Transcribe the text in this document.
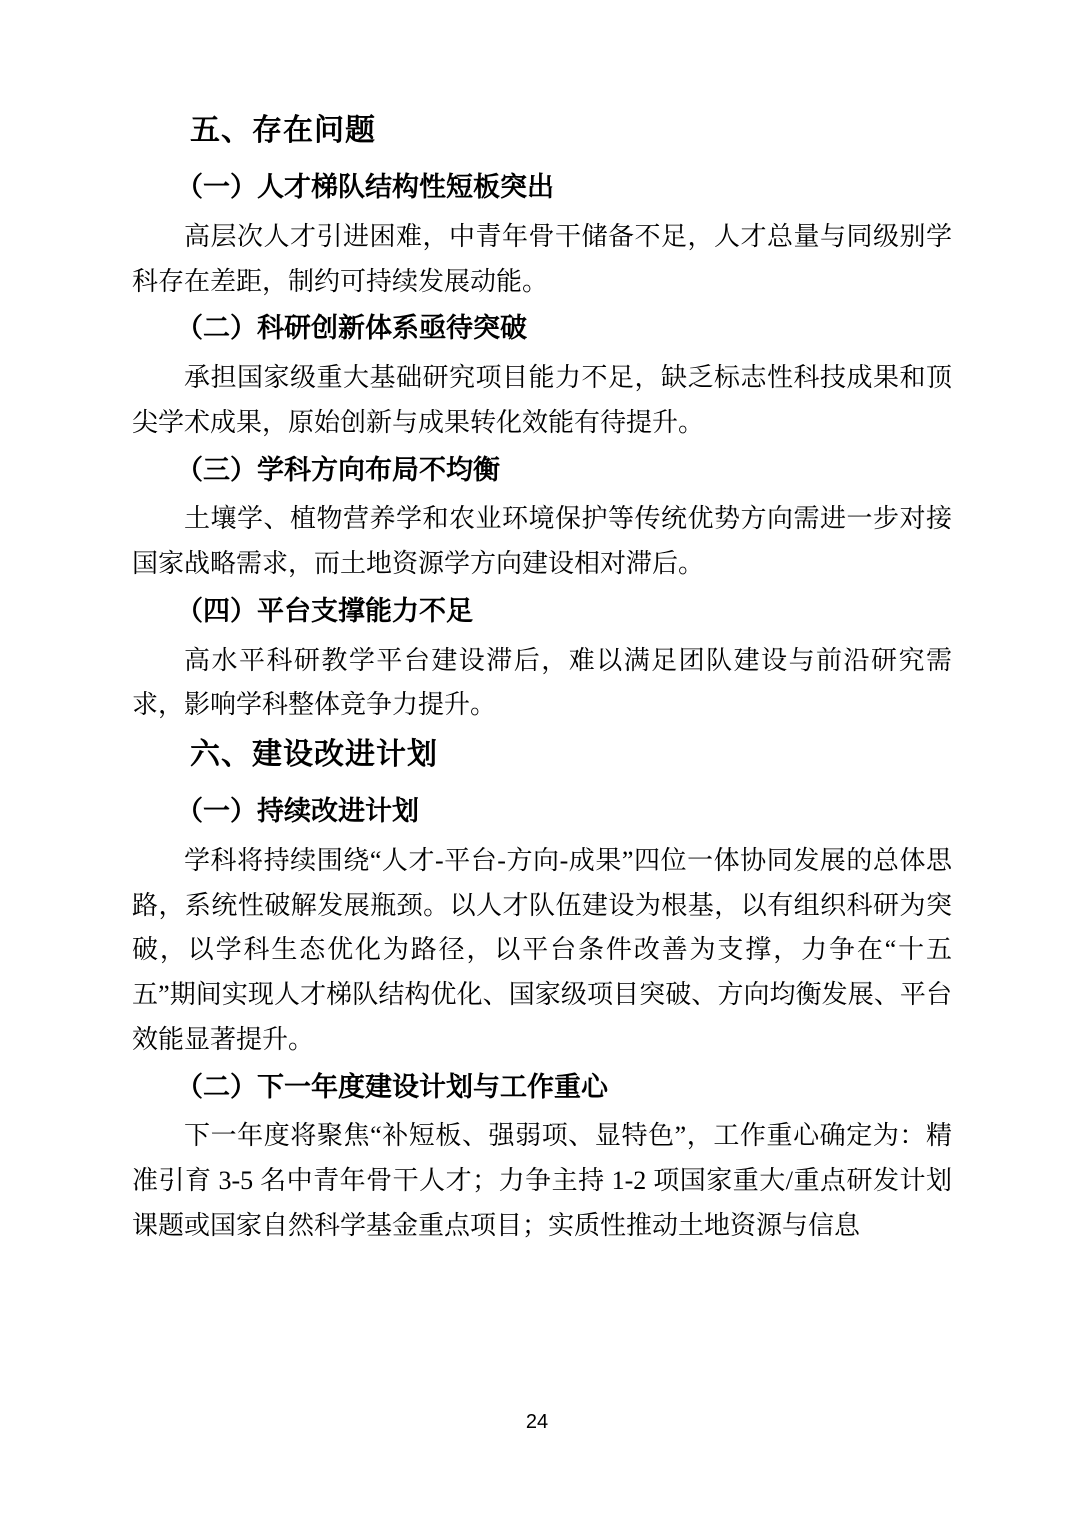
五、存在问题
（一）人才梯队结构性短板突出

高层次人才引进困难，中青年骨干储备不足，人才总量与同级别学科存在差距，制约可持续发展动能。

（二）科研创新体系亟待突破

承担国家级重大基础研究项目能力不足，缺乏标志性科技成果和顶尖学术成果，原始创新与成果转化效能有待提升。

（三）学科方向布局不均衡

土壤学、植物营养学和农业环境保护等传统优势方向需进一步对接国家战略需求，而土地资源学方向建设相对滞后。

（四）平台支撑能力不足

高水平科研教学平台建设滞后，难以满足团队建设与前沿研究需求，影响学科整体竞争力提升。

六、建设改进计划
（一）持续改进计划

学科将持续围绕“人才-平台-方向-成果”四位一体协同发展的总体思路，系统性破解发展瓶颈。以人才队伍建设为根基，以有组织科研为突破，以学科生态优化为路径，以平台条件改善为支撑，力争在“十五五”期间实现人才梯队结构优化、国家级项目突破、方向均衡发展、平台效能显著提升。

（二）下一年度建设计划与工作重心

下一年度将聚焦“补短板、强弱项、显特色”，工作重心确定为：精准引育 3-5 名中青年骨干人才；力争主持 1-2 项国家重大/重点研发计划课题或国家自然科学基金重点项目；实质性推动土地资源与信息

24
